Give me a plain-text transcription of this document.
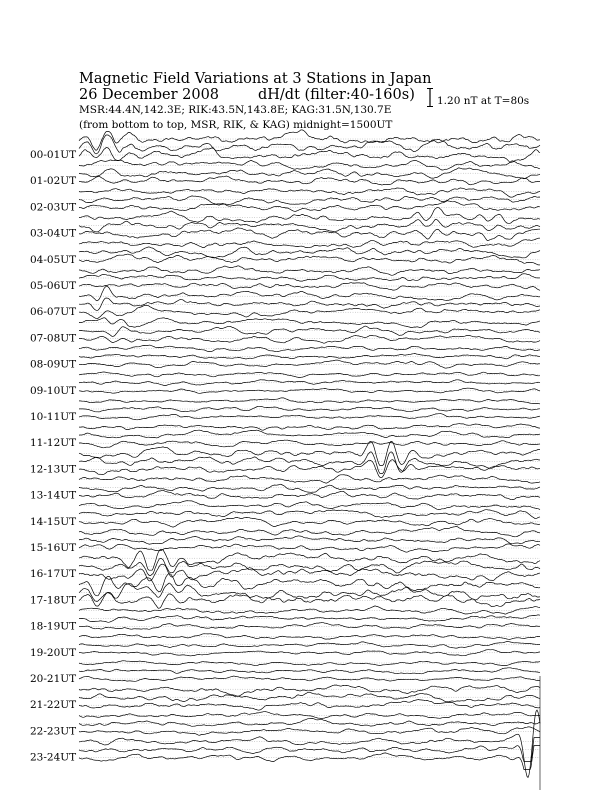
Magnetic Field Variations at 3 Stations in Japan
26 December 2008	dH/dt (filter:40-160s)
MSR:44.4N,142.3E; RIK:43.5N,143.8E; KAG:31.5N,130.7E
(from bottom to top, MSR, RIK, & KAG) midnight=1500UT
1.20 nT at T=80s
00-01UT
01-02UT
02-03UT
03-04UT
04-05UT
05-06UT
06-07UT
07-08UT
08-09UT
09-10UT
10-11UT
11-12UT
12-13UT
13-14UT
14-15UT
15-16UT
16-17UT
17-18UT
18-19UT
19-20UT
20-21UT
21-22UT
22-23UT
23-24UT
